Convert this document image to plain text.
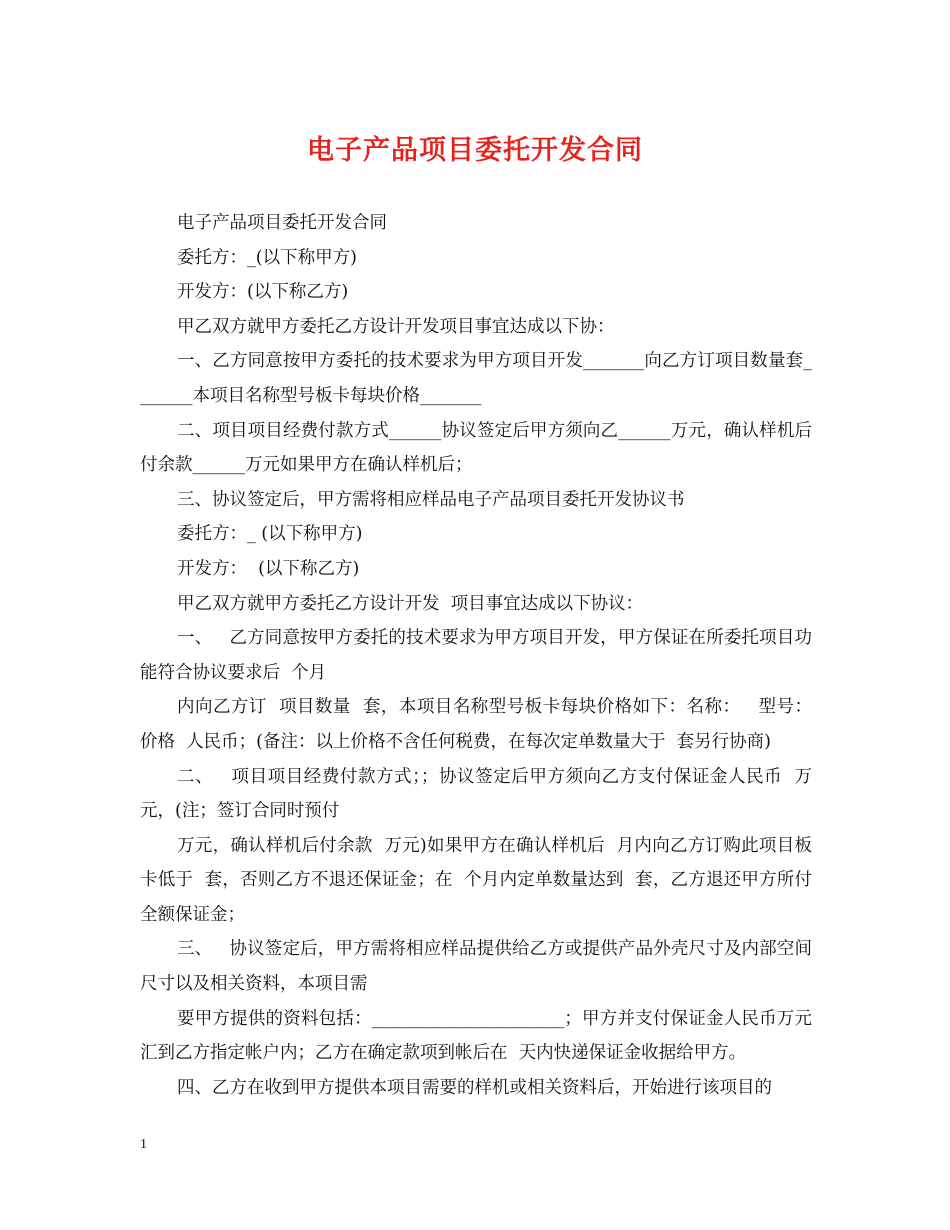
电子产品项目委托开发合同

电子产品项目委托开发合同

委托方：_(以下称甲方)

开发方：(以下称乙方)

甲乙双方就甲方委托乙方设计开发项目事宜达成以下协：

一、乙方同意按甲方委托的技术要求为甲方项目开发_______向乙方订项目数量套_______本项目名称型号板卡每块价格_______

二、项目项目经费付款方式______协议签定后甲方须向乙______万元，确认样机后付余款______万元如果甲方在确认样机后；

三、协议签定后，甲方需将相应样品电子产品项目委托开发协议书

委托方：_ (以下称甲方)

开发方：  (以下称乙方)

甲乙双方就甲方委托乙方设计开发  项目事宜达成以下协议：

一、   乙方同意按甲方委托的技术要求为甲方项目开发，甲方保证在所委托项目功能符合协议要求后  个月

内向乙方订  项目数量  套，本项目名称型号板卡每块价格如下：名称：   型号：   价格  人民币；(备注：以上价格不含任何税费，在每次定单数量大于  套另行协商)

二、   项目项目经费付款方式；；协议签定后甲方须向乙方支付保证金人民币  万元，(注；签订合同时预付

万元，确认样机后付余款  万元)如果甲方在确认样机后  月内向乙方订购此项目板卡低于  套，否则乙方不退还保证金；在  个月内定单数量达到  套，乙方退还甲方所付全额保证金；

三、   协议签定后，甲方需将相应样品提供给乙方或提供产品外壳尺寸及内部空间尺寸以及相关资料，本项目需

要甲方提供的资料包括：______________________；甲方并支付保证金人民币万元汇到乙方指定帐户内；乙方在确定款项到帐后在  天内快递保证金收据给甲方。

四、乙方在收到甲方提供本项目需要的样机或相关资料后，开始进行该项目的

1
